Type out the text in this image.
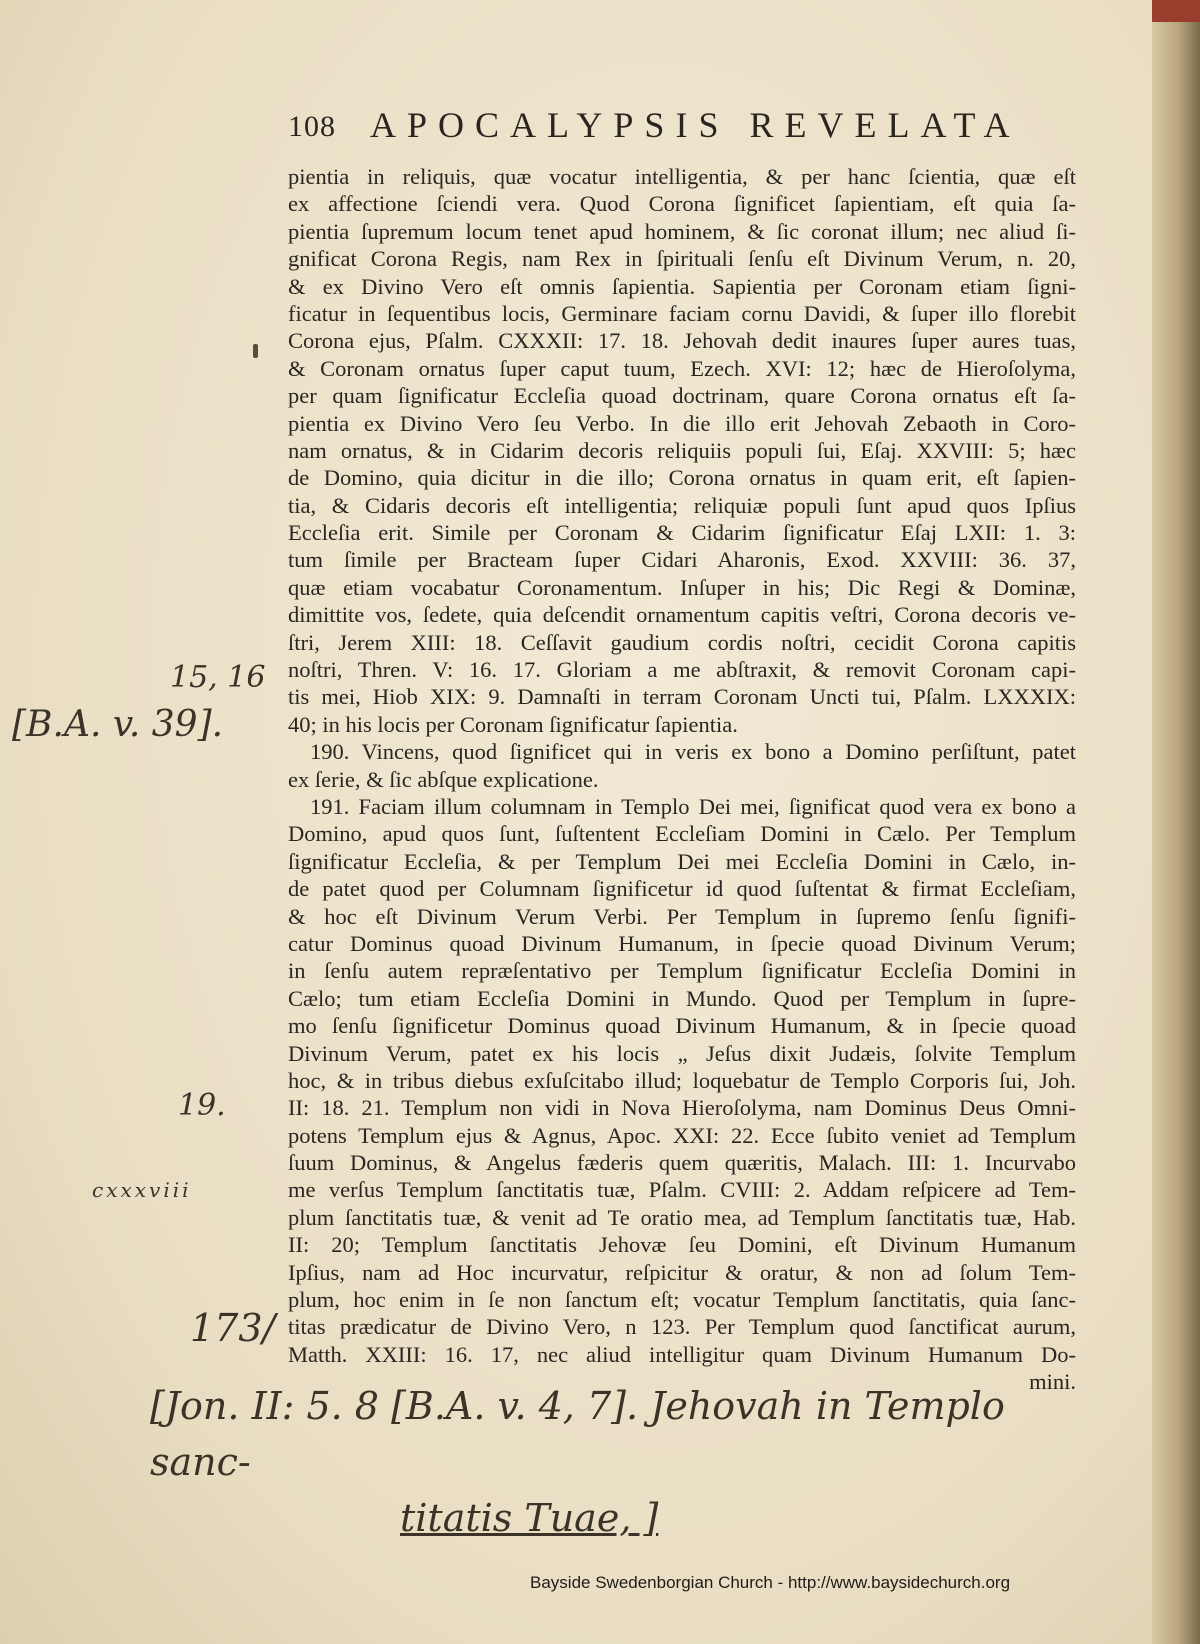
108 APOCALYPSIS REVELATA
pientia in reliquis, quæ vocatur intelligentia, & per hanc ſcientia, quæ eſt
ex affectione ſciendi vera. Quod Corona ſignificet ſapientiam, eſt quia ſa-
pientia ſupremum locum tenet apud hominem, & ſic coronat illum; nec aliud ſi-
gnificat Corona Regis, nam Rex in ſpirituali ſenſu eſt Divinum Verum, n. 20,
& ex Divino Vero eſt omnis ſapientia. Sapientia per Coronam etiam ſigni-
ficatur in ſequentibus locis, Germinare faciam cornu Davidi, & ſuper illo florebit
Corona ejus, Pſalm. CXXXII: 17. 18. Jehovah dedit inaures ſuper aures tuas,
& Coronam ornatus ſuper caput tuum, Ezech. XVI: 12; hæc de Hieroſolyma,
per quam ſignificatur Eccleſia quoad doctrinam, quare Corona ornatus eſt ſa-
pientia ex Divino Vero ſeu Verbo. In die illo erit Jehovah Zebaoth in Coro-
nam ornatus, & in Cidarim decoris reliquiis populi ſui, Eſaj. XXVIII: 5; hæc
de Domino, quia dicitur in die illo; Corona ornatus in quam erit, eſt ſapien-
tia, & Cidaris decoris eſt intelligentia; reliquiæ populi ſunt apud quos Ipſius
Eccleſia erit. Simile per Coronam & Cidarim ſignificatur Eſaj LXII: 1. 3:
tum ſimile per Bracteam ſuper Cidari Aharonis, Exod. XXVIII: 36. 37,
quæ etiam vocabatur Coronamentum. Inſuper in his; Dic Regi & Dominæ,
dimittite vos, ſedete, quia deſcendit ornamentum capitis veſtri, Corona decoris ve-
ſtri, Jerem XIII: 18. Ceſſavit gaudium cordis noſtri, cecidit Corona capitis
noſtri, Thren. V: 16. 17. Gloriam a me abſtraxit, & removit Coronam capi-
tis mei, Hiob XIX: 9. Damnaſti in terram Coronam Uncti tui, Pſalm. LXXXIX:
40; in his locis per Coronam ſignificatur ſapientia.
190. Vincens, quod ſignificet qui in veris ex bono a Domino perſiſtunt, patet
ex ſerie, & ſic abſque explicatione.
191. Faciam illum columnam in Templo Dei mei, ſignificat quod vera ex bono a
Domino, apud quos ſunt, ſuſtentent Eccleſiam Domini in Cælo. Per Templum
ſignificatur Eccleſia, & per Templum Dei mei Eccleſia Domini in Cælo, in-
de patet quod per Columnam ſignificetur id quod ſuſtentat & firmat Eccleſiam,
& hoc eſt Divinum Verum Verbi. Per Templum in ſupremo ſenſu ſignifi-
catur Dominus quoad Divinum Humanum, in ſpecie quoad Divinum Verum;
in ſenſu autem repræſentativo per Templum ſignificatur Eccleſia Domini in
Cælo; tum etiam Eccleſia Domini in Mundo. Quod per Templum in ſupre-
mo ſenſu ſignificetur Dominus quoad Divinum Humanum, & in ſpecie quoad
Divinum Verum, patet ex his locis „ Jeſus dixit Judæis, ſolvite Templum
hoc, & in tribus diebus exſuſcitabo illud; loquebatur de Templo Corporis ſui, Joh.
II: 18. 21. Templum non vidi in Nova Hieroſolyma, nam Dominus Deus Omni-
potens Templum ejus & Agnus, Apoc. XXI: 22. Ecce ſubito veniet ad Templum
ſuum Dominus, & Angelus fæderis quem quæritis, Malach. III: 1. Incurvabo
me verſus Templum ſanctitatis tuæ, Pſalm. CVIII: 2. Addam reſpicere ad Tem-
plum ſanctitatis tuæ, & venit ad Te oratio mea, ad Templum ſanctitatis tuæ, Hab.
II: 20; Templum ſanctitatis Jehovæ ſeu Domini, eſt Divinum Humanum
Ipſius, nam ad Hoc incurvatur, reſpicitur & oratur, & non ad ſolum Tem-
plum, hoc enim in ſe non ſanctum eſt; vocatur Templum ſanctitatis, quia ſanc-
titas prædicatur de Divino Vero, n 123. Per Templum quod ſanctificat aurum,
Matth. XXIII: 16. 17, nec aliud intelligitur quam Divinum Humanum Do-
mini.
15, 16
[B.A. v. 39].
19.
cxxxviii
173/
[Jon. II: 5. 8 [B.A. v. 4, 7]. Jehovah in Templo sanc-
titatis Tuae, ]
Bayside Swedenborgian Church - http://www.baysidechurch.org
